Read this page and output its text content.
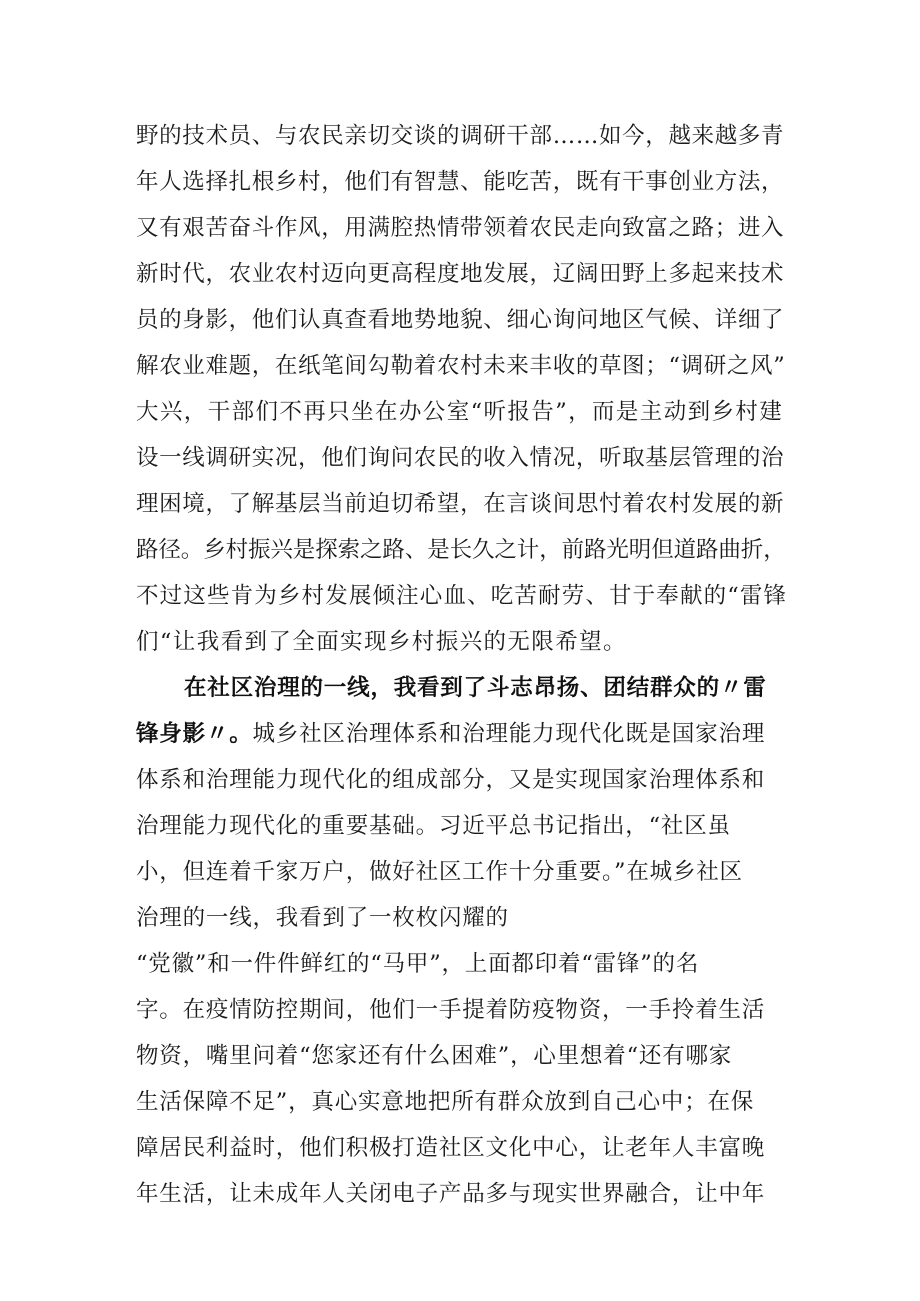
野的技术员、与农民亲切交谈的调研干部……如今，越来越多青
年人选择扎根乡村，他们有智慧、能吃苦，既有干事创业方法，
又有艰苦奋斗作风，用满腔热情带领着农民走向致富之路；进入
新时代，农业农村迈向更高程度地发展，辽阔田野上多起来技术
员的身影，他们认真查看地势地貌、细心询问地区气候、详细了
解农业难题，在纸笔间勾勒着农村未来丰收的草图；“调研之风”
大兴，干部们不再只坐在办公室“听报告”，而是主动到乡村建
设一线调研实况，他们询问农民的收入情况，听取基层管理的治
理困境，了解基层当前迫切希望，在言谈间思忖着农村发展的新
路径。乡村振兴是探索之路、是长久之计，前路光明但道路曲折，
不过这些肯为乡村发展倾注心血、吃苦耐劳、甘于奉献的“雷锋
们“让我看到了全面实现乡村振兴的无限希望。
在社区治理的一线，我看到了斗志昂扬、团结群众的〃雷
锋身影〃。城乡社区治理体系和治理能力现代化既是国家治理
体系和治理能力现代化的组成部分，又是实现国家治理体系和
治理能力现代化的重要基础。习近平总书记指出，“社区虽
小，但连着千家万户，做好社区工作十分重要。”在城乡社区
治理的一线，我看到了一枚枚闪耀的
“党徽”和一件件鲜红的“马甲”，上面都印着“雷锋”的名
字。在疫情防控期间，他们一手提着防疫物资，一手拎着生活
物资，嘴里问着“您家还有什么困难”，心里想着“还有哪家
生活保障不足”，真心实意地把所有群众放到自己心中；在保
障居民利益时，他们积极打造社区文化中心，让老年人丰富晚
年生活，让未成年人关闭电子产品多与现实世界融合，让中年
